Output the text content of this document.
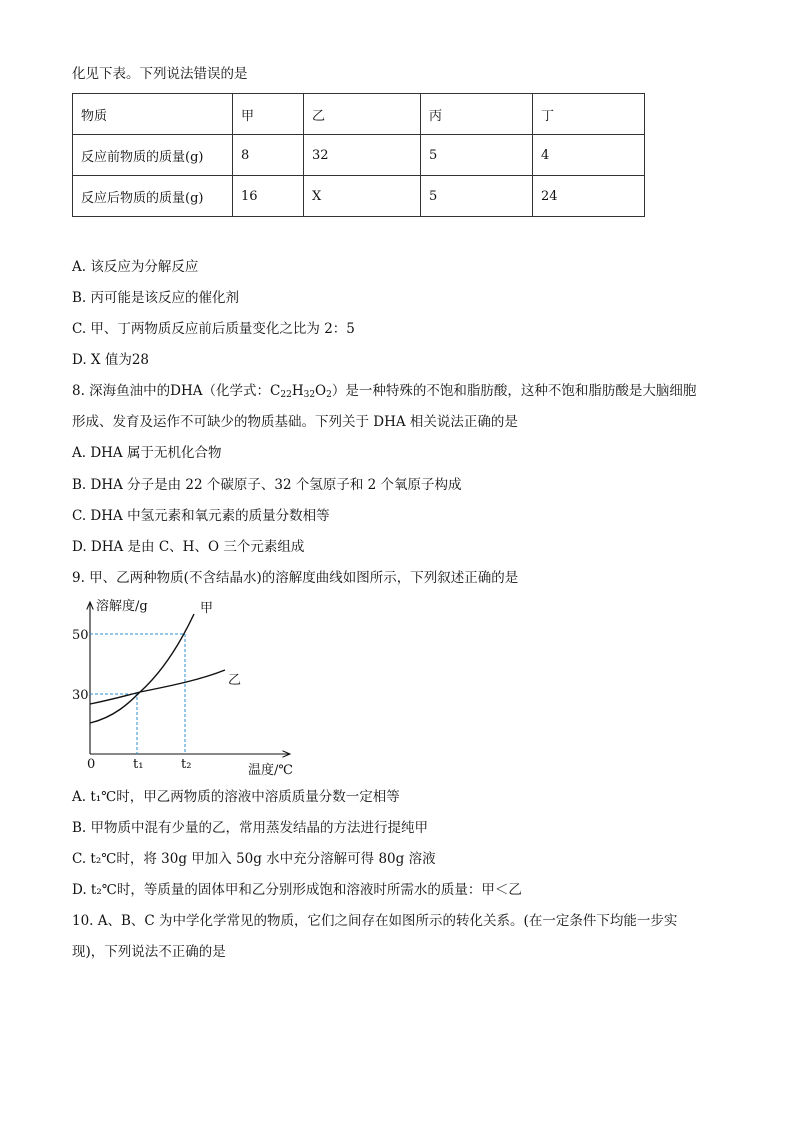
化见下表。下列说法错误的是
物质	甲	乙	丙	丁
反应前物质的质量(g)	8	32	5	4
反应后物质的质量(g)	16	X	5	24
A. 该反应为分解反应
B. 丙可能是该反应的催化剂
C. 甲、丁两物质反应前后质量变化之比为 2：5
D. X 值为28
8. 深海鱼油中的DHA（化学式：$C_{22}H_{32}O_2$）是一种特殊的不饱和脂肪酸，这种不饱和脂肪酸是大脑细胞
形成、发育及运作不可缺少的物质基础。下列关于 DHA 相关说法正确的是
A. DHA 属于无机化合物
B. DHA 分子是由 22 个碳原子、32 个氢原子和 2 个氧原子构成
C. DHA 中氢元素和氧元素的质量分数相等
D. DHA 是由 C、H、O 三个元素组成
9. 甲、乙两种物质(不含结晶水)的溶解度曲线如图所示，下列叙述正确的是
溶解度/g	甲
乙
50
30
0	t₁	t₂	温度/℃
A. t₁℃时，甲乙两物质的溶液中溶质质量分数一定相等
B. 甲物质中混有少量的乙，常用蒸发结晶的方法进行提纯甲
C. t₂℃时，将 30g 甲加入 50g 水中充分溶解可得 80g 溶液
D. t₂℃时，等质量的固体甲和乙分别形成饱和溶液时所需水的质量：甲＜乙
10. A、B、C 为中学化学常见的物质，它们之间存在如图所示的转化关系。(在一定条件下均能一步实
现)，下列说法不正确的是
